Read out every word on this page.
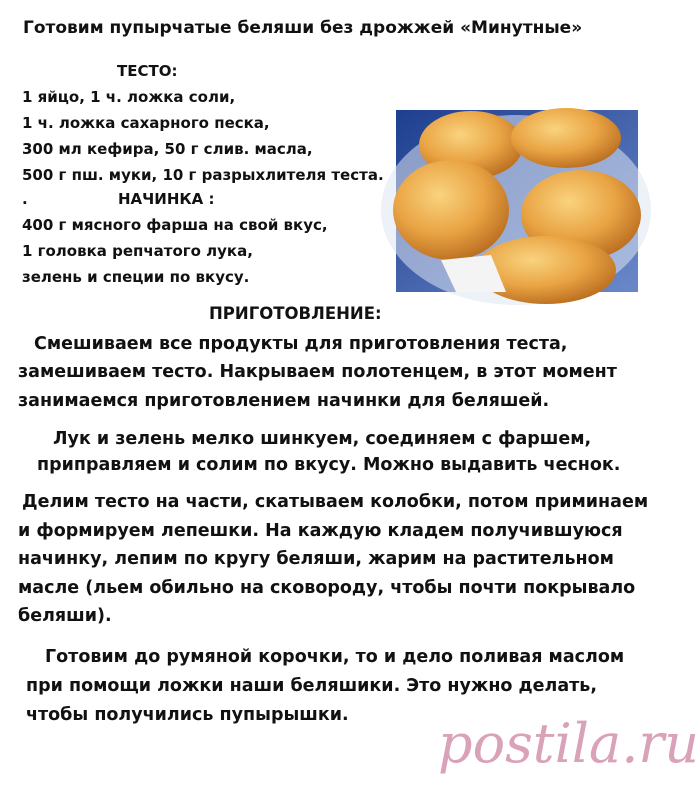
Готовим пупырчатые беляши без дрожжей «Минутные»
ТЕСТО:
1 яйцо, 1 ч. ложка соли,
1 ч. ложка сахарного песка,
300 мл кефира, 50 г слив. масла,
500 г пш. муки, 10 г разрыхлителя теста.
.	НАЧИНКА :
400 г мясного фарша на свой вкус,
1 головка репчатого лука,
зелень и специи по вкусу.
ПРИГОТОВЛЕНИЕ:
Смешиваем все продукты для приготовления теста,
замешиваем тесто. Накрываем полотенцем, в этот момент
занимаемся приготовлением начинки для беляшей.
Лук и зелень мелко шинкуем, соединяем с фаршем,
приправляем и солим по вкусу. Можно выдавить чеснок.
Делим тесто на части, скатываем колобки, потом приминаем
и формируем лепешки. На каждую кладем получившуюся
начинку, лепим по кругу беляши, жарим на растительном
масле (льем обильно на сковороду, чтобы почти покрывало
беляши).
Готовим до румяной корочки, то и дело поливая маслом
при помощи ложки наши беляшики. Это нужно делать,
чтобы получились пупырышки. postila.ru
